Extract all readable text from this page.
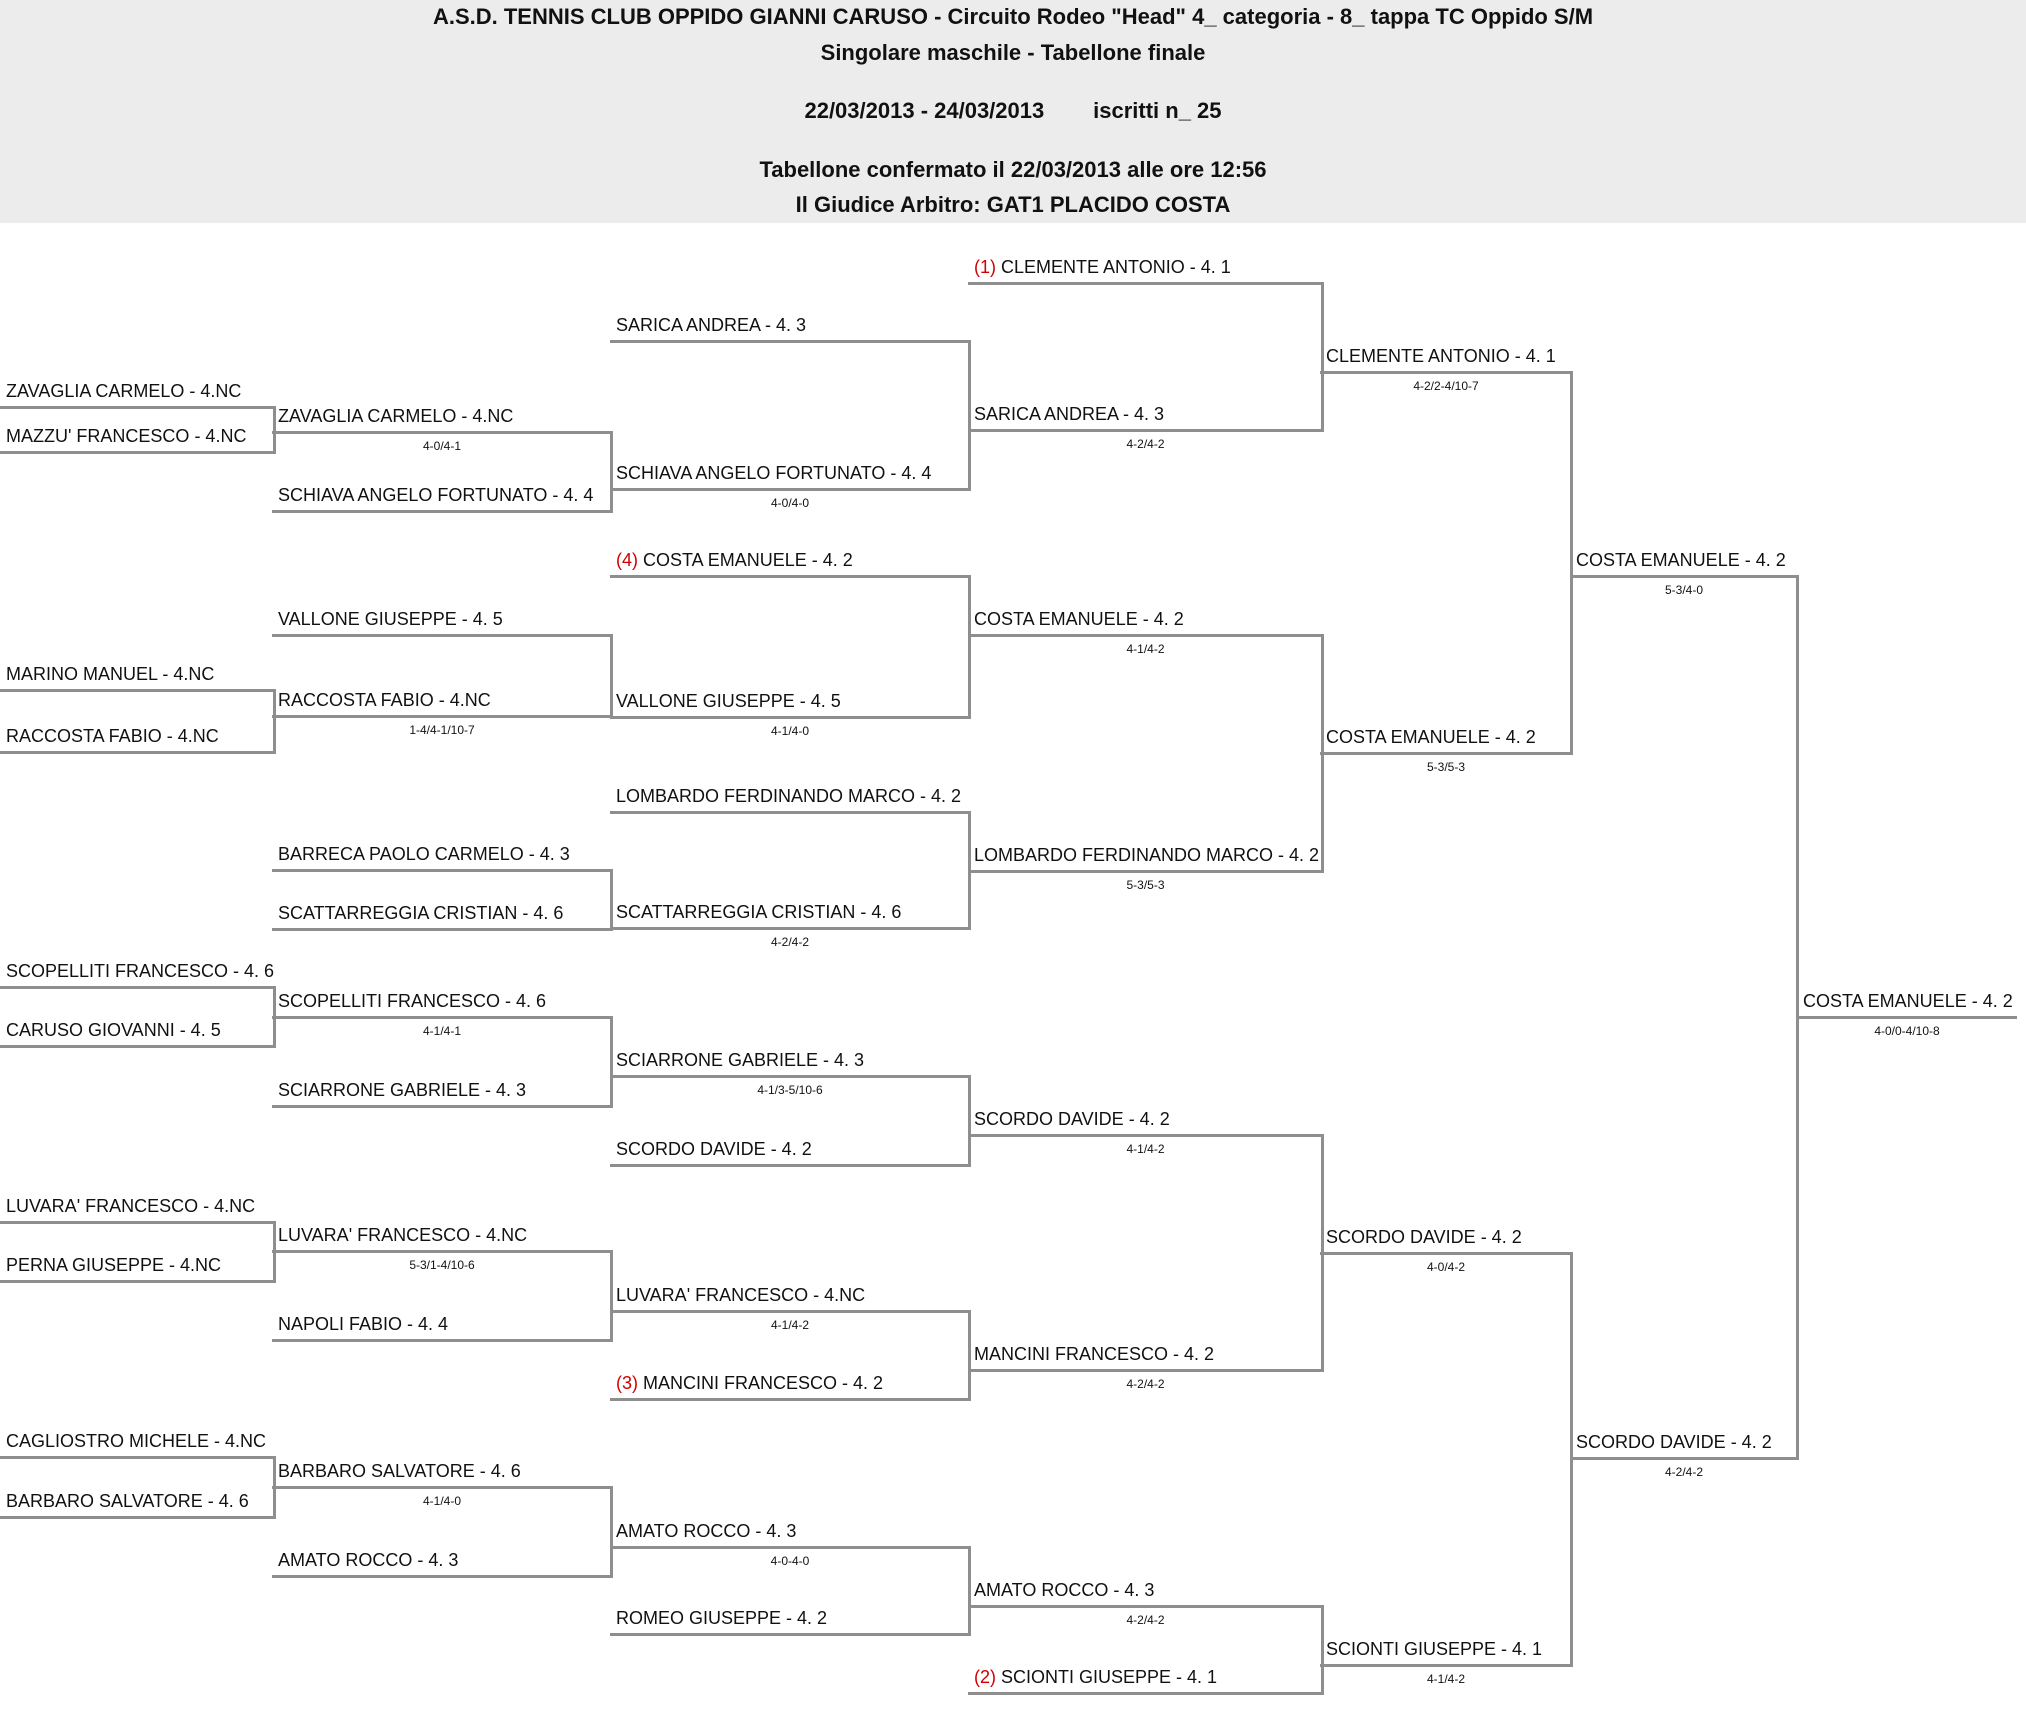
A.S.D. TENNIS CLUB OPPIDO GIANNI CARUSO - Circuito Rodeo "Head" 4_ categoria - 8_ tappa TC Oppido S/M
Singolare maschile - Tabellone finale
22/03/2013 - 24/03/2013        iscritti n_ 25
Tabellone confermato il 22/03/2013 alle ore 12:56
Il Giudice Arbitro: GAT1 PLACIDO COSTA
ZAVAGLIA CARMELO - 4.NC
MAZZU' FRANCESCO - 4.NC
MARINO MANUEL - 4.NC
RACCOSTA FABIO - 4.NC
SCOPELLITI FRANCESCO - 4. 6
CARUSO GIOVANNI - 4. 5
LUVARA' FRANCESCO - 4.NC
PERNA GIUSEPPE - 4.NC
CAGLIOSTRO MICHELE - 4.NC
BARBARO SALVATORE - 4. 6
ZAVAGLIA CARMELO - 4.NC
4-0/4-1
SCHIAVA ANGELO FORTUNATO - 4. 4
VALLONE GIUSEPPE - 4. 5
RACCOSTA FABIO - 4.NC
1-4/4-1/10-7
BARRECA PAOLO CARMELO - 4. 3
SCATTARREGGIA CRISTIAN - 4. 6
SCOPELLITI FRANCESCO - 4. 6
4-1/4-1
SCIARRONE GABRIELE - 4. 3
LUVARA' FRANCESCO - 4.NC
5-3/1-4/10-6
NAPOLI FABIO - 4. 4
BARBARO SALVATORE - 4. 6
4-1/4-0
AMATO ROCCO - 4. 3
SARICA ANDREA - 4. 3
SCHIAVA ANGELO FORTUNATO - 4. 4
4-0/4-0
(4) COSTA EMANUELE - 4. 2
VALLONE GIUSEPPE - 4. 5
4-1/4-0
LOMBARDO FERDINANDO MARCO - 4. 2
SCATTARREGGIA CRISTIAN - 4. 6
4-2/4-2
SCIARRONE GABRIELE - 4. 3
4-1/3-5/10-6
SCORDO DAVIDE - 4. 2
LUVARA' FRANCESCO - 4.NC
4-1/4-2
(3) MANCINI FRANCESCO - 4. 2
AMATO ROCCO - 4. 3
4-0-4-0
ROMEO GIUSEPPE - 4. 2
(1) CLEMENTE ANTONIO - 4. 1
SARICA ANDREA - 4. 3
4-2/4-2
COSTA EMANUELE - 4. 2
4-1/4-2
LOMBARDO FERDINANDO MARCO - 4. 2
5-3/5-3
SCORDO DAVIDE - 4. 2
4-1/4-2
MANCINI FRANCESCO - 4. 2
4-2/4-2
AMATO ROCCO - 4. 3
4-2/4-2
(2) SCIONTI GIUSEPPE - 4. 1
CLEMENTE ANTONIO - 4. 1
4-2/2-4/10-7
COSTA EMANUELE - 4. 2
5-3/5-3
SCORDO DAVIDE - 4. 2
4-0/4-2
SCIONTI GIUSEPPE - 4. 1
4-1/4-2
COSTA EMANUELE - 4. 2
5-3/4-0
SCORDO DAVIDE - 4. 2
4-2/4-2
COSTA EMANUELE - 4. 2
4-0/0-4/10-8
